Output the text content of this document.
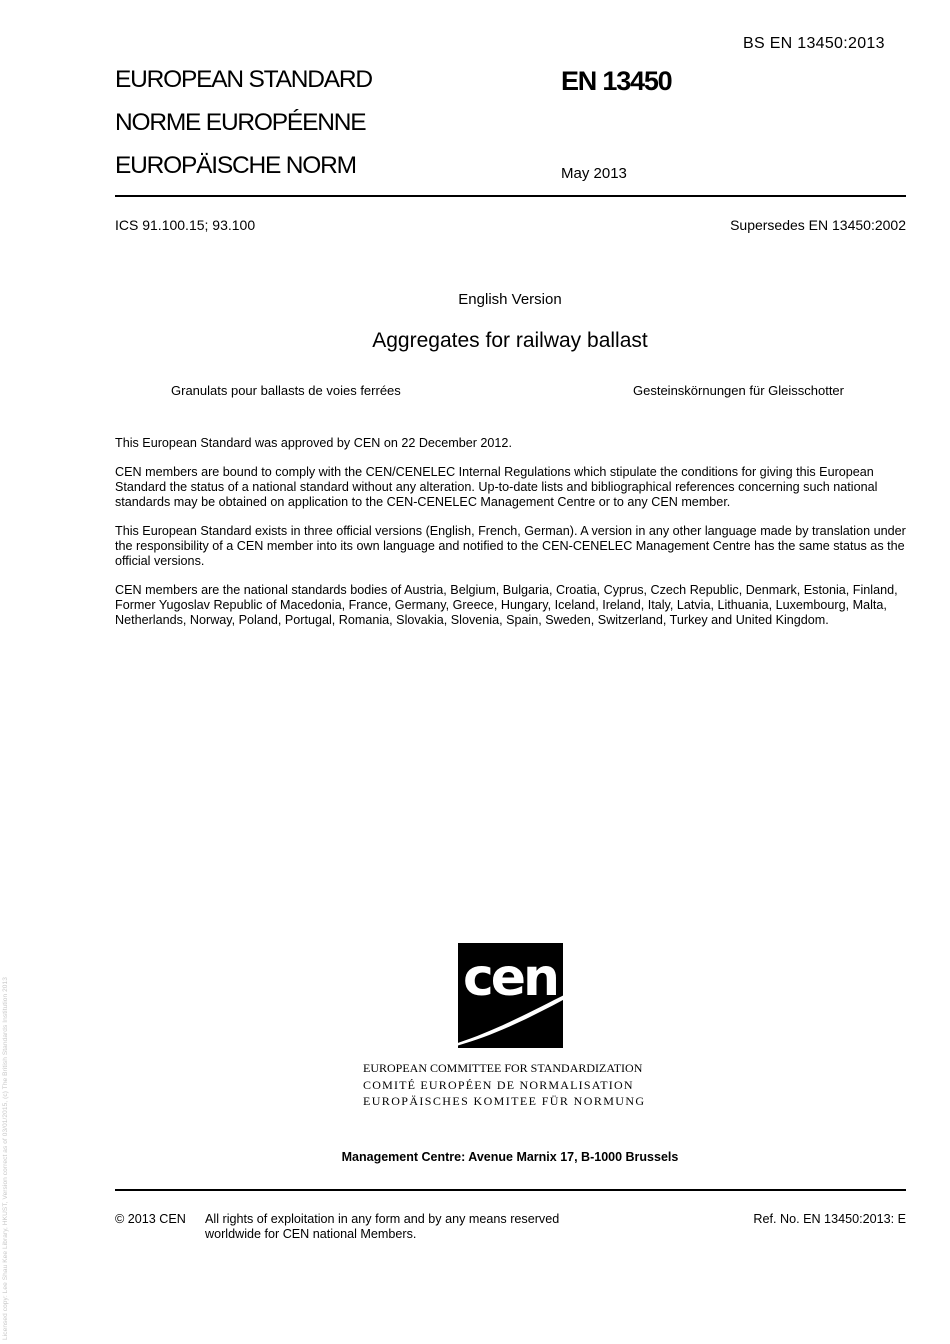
Licensed copy: Lee Shau Kee Library, HKUST, Version correct as of 03/01/2015, (c) The British Standards Institution 2013
BS EN 13450:2013
EUROPEAN STANDARD
NORME EUROPÉENNE
EUROPÄISCHE NORM
EN 13450
May 2013
ICS 91.100.15; 93.100	Supersedes EN 13450:2002
English Version
Aggregates for railway ballast
Granulats pour ballasts de voies ferrées	Gesteinskörnungen für Gleisschotter

This European Standard was approved by CEN on 22 December 2012.

CEN members are bound to comply with the CEN/CENELEC Internal Regulations which stipulate the conditions for giving this European Standard the status of a national standard without any alteration. Up-to-date lists and bibliographical references concerning such national standards may be obtained on application to the CEN-CENELEC Management Centre or to any CEN member.

This European Standard exists in three official versions (English, French, German). A version in any other language made by translation under the responsibility of a CEN member into its own language and notified to the CEN-CENELEC Management Centre has the same status as the official versions.

CEN members are the national standards bodies of Austria, Belgium, Bulgaria, Croatia, Cyprus, Czech Republic, Denmark, Estonia, Finland, Former Yugoslav Republic of Macedonia, France, Germany, Greece, Hungary, Iceland, Ireland, Italy, Latvia, Lithuania, Luxembourg, Malta, Netherlands, Norway, Poland, Portugal, Romania, Slovakia, Slovenia, Spain, Sweden, Switzerland, Turkey and United Kingdom.

cen
EUROPEAN COMMITTEE FOR STANDARDIZATION
COMITÉ EUROPÉEN DE NORMALISATION
EUROPÄISCHES KOMITEE FÜR NORMUNG
Management Centre: Avenue Marnix 17, B-1000 Brussels
© 2013 CEN All rights of exploitation in any form and by any means reserved
worldwide for CEN national Members.
Ref. No. EN 13450:2013: E
